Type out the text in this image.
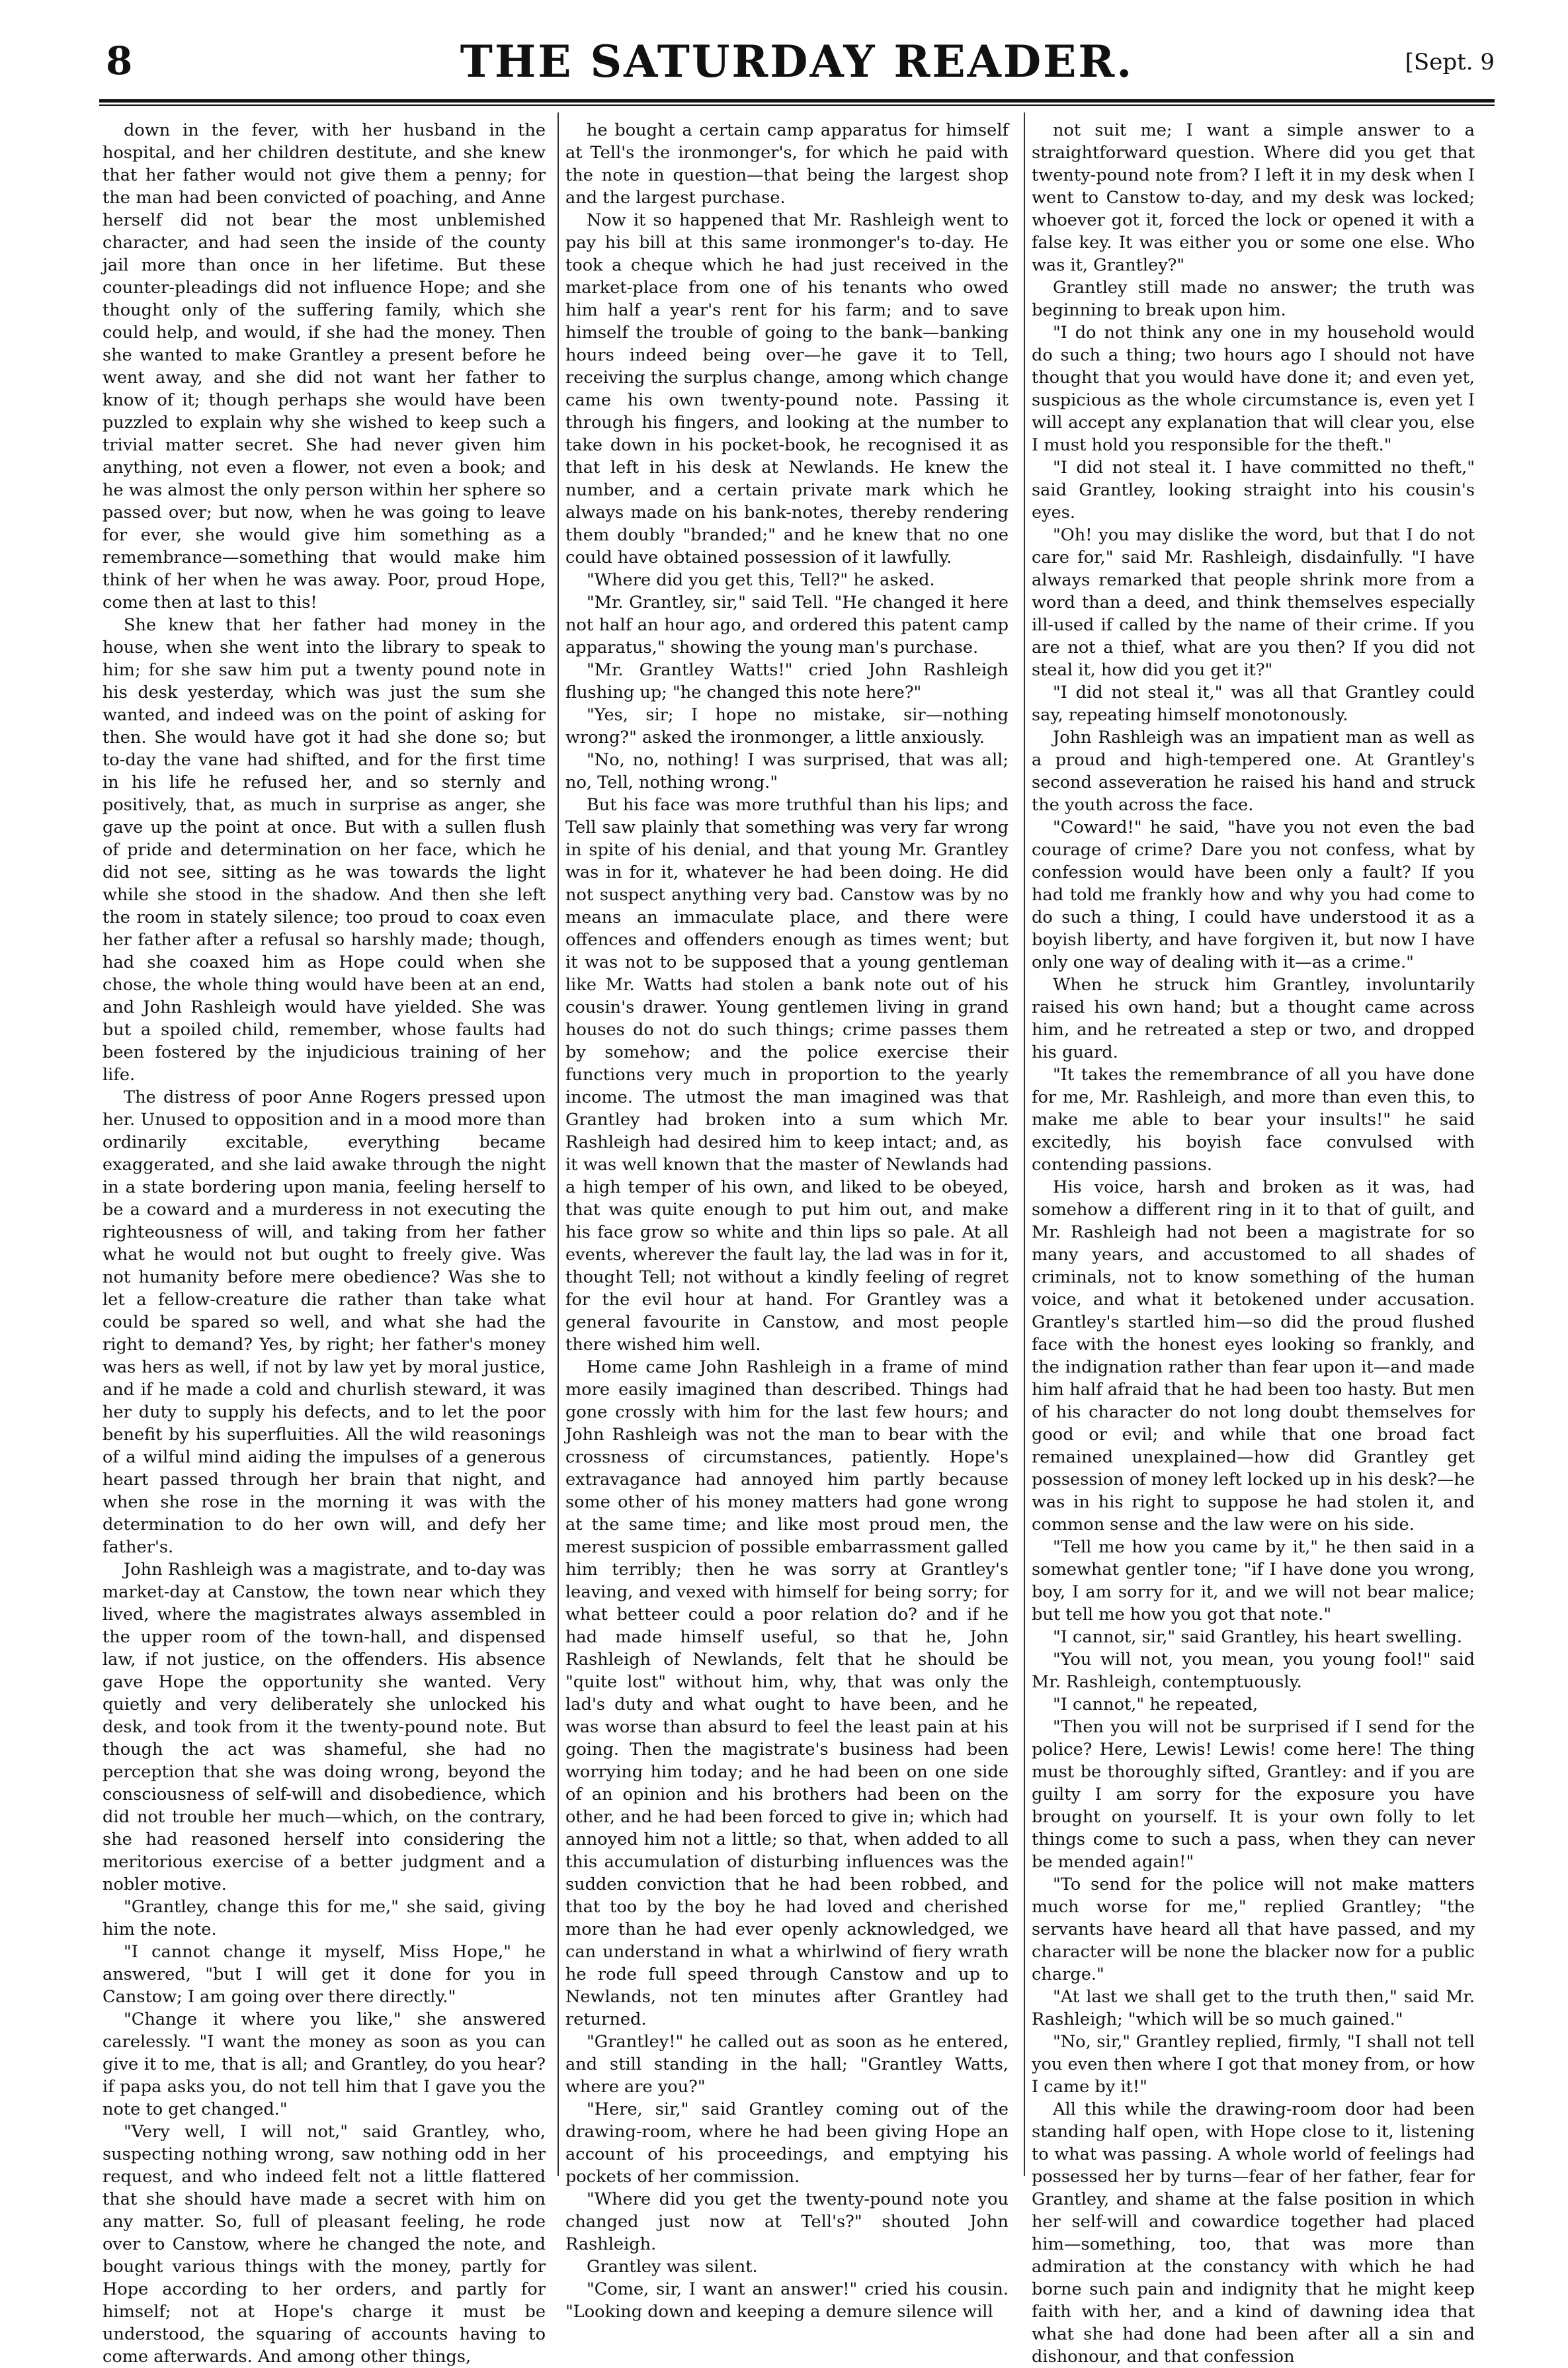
8	THE SATURDAY READER.	[Sept. 9

down in the fever, with her husband in the hospital, and her children destitute, and she knew that her father would not give them a penny; for the man had been convicted of poaching, and Anne herself did not bear the most unblemished character, and had seen the inside of the county jail more than once in her lifetime. But these counter-pleadings did not influence Hope; and she thought only of the suffering family, which she could help, and would, if she had the money. Then she wanted to make Grantley a present before he went away, and she did not want her father to know of it; though perhaps she would have been puzzled to explain why she wished to keep such a trivial matter secret. She had never given him anything, not even a flower, not even a book; and he was almost the only person within her sphere so passed over; but now, when he was going to leave for ever, she would give him something as a remembrance—something that would make him think of her when he was away. Poor, proud Hope, come then at last to this!

She knew that her father had money in the house, when she went into the library to speak to him; for she saw him put a twenty pound note in his desk yesterday, which was just the sum she wanted, and indeed was on the point of asking for then. She would have got it had she done so; but to-day the vane had shifted, and for the first time in his life he refused her, and so sternly and positively, that, as much in surprise as anger, she gave up the point at once. But with a sullen flush of pride and determination on her face, which he did not see, sitting as he was towards the light while she stood in the shadow. And then she left the room in stately silence; too proud to coax even her father after a refusal so harshly made; though, had she coaxed him as Hope could when she chose, the whole thing would have been at an end, and John Rashleigh would have yielded. She was but a spoiled child, remember, whose faults had been fostered by the injudicious training of her life.

The distress of poor Anne Rogers pressed upon her. Unused to opposition and in a mood more than ordinarily excitable, everything became exaggerated, and she laid awake through the night in a state bordering upon mania, feeling herself to be a coward and a murderess in not executing the righteousness of will, and taking from her father what he would not but ought to freely give. Was not humanity before mere obedience? Was she to let a fellow-creature die rather than take what could be spared so well, and what she had the right to demand? Yes, by right; her father's money was hers as well, if not by law yet by moral justice, and if he made a cold and churlish steward, it was her duty to supply his defects, and to let the poor benefit by his superfluities. All the wild reasonings of a wilful mind aiding the impulses of a generous heart passed through her brain that night, and when she rose in the morning it was with the determination to do her own will, and defy her father's.

John Rashleigh was a magistrate, and to-day was market-day at Canstow, the town near which they lived, where the magistrates always assembled in the upper room of the town-hall, and dispensed law, if not justice, on the offenders. His absence gave Hope the opportunity she wanted. Very quietly and very deliberately she unlocked his desk, and took from it the twenty-pound note. But though the act was shameful, she had no perception that she was doing wrong, beyond the consciousness of self-will and disobedience, which did not trouble her much—which, on the contrary, she had reasoned herself into considering the meritorious exercise of a better judgment and a nobler motive.

"Grantley, change this for me," she said, giving him the note.

"I cannot change it myself, Miss Hope," he answered, "but I will get it done for you in Canstow; I am going over there directly."

"Change it where you like," she answered carelessly. "I want the money as soon as you can give it to me, that is all; and Grantley, do you hear? if papa asks you, do not tell him that I gave you the note to get changed."

"Very well, I will not," said Grantley, who, suspecting nothing wrong, saw nothing odd in her request, and who indeed felt not a little flattered that she should have made a secret with him on any matter. So, full of pleasant feeling, he rode over to Canstow, where he changed the note, and bought various things with the money, partly for Hope according to her orders, and partly for himself; not at Hope's charge it must be understood, the squaring of accounts having to come afterwards. And among other things,

he bought a certain camp apparatus for himself at Tell's the ironmonger's, for which he paid with the note in question—that being the largest shop and the largest purchase.

Now it so happened that Mr. Rashleigh went to pay his bill at this same ironmonger's to-day. He took a cheque which he had just received in the market-place from one of his tenants who owed him half a year's rent for his farm; and to save himself the trouble of going to the bank—banking hours indeed being over—he gave it to Tell, receiving the surplus change, among which change came his own twenty-pound note. Passing it through his fingers, and looking at the number to take down in his pocket-book, he recognised it as that left in his desk at Newlands. He knew the number, and a certain private mark which he always made on his bank-notes, thereby rendering them doubly "branded;" and he knew that no one could have obtained possession of it lawfully.

"Where did you get this, Tell?" he asked.

"Mr. Grantley, sir," said Tell. "He changed it here not half an hour ago, and ordered this patent camp apparatus," showing the young man's purchase.

"Mr. Grantley Watts!" cried John Rashleigh flushing up; "he changed this note here?"

"Yes, sir; I hope no mistake, sir—nothing wrong?" asked the ironmonger, a little anxiously.

"No, no, nothing! I was surprised, that was all; no, Tell, nothing wrong."

But his face was more truthful than his lips; and Tell saw plainly that something was very far wrong in spite of his denial, and that young Mr. Grantley was in for it, whatever he had been doing. He did not suspect anything very bad. Canstow was by no means an immaculate place, and there were offences and offenders enough as times went; but it was not to be supposed that a young gentleman like Mr. Watts had stolen a bank note out of his cousin's drawer. Young gentlemen living in grand houses do not do such things; crime passes them by somehow; and the police exercise their functions very much in proportion to the yearly income. The utmost the man imagined was that Grantley had broken into a sum which Mr. Rashleigh had desired him to keep intact; and, as it was well known that the master of Newlands had a high temper of his own, and liked to be obeyed, that was quite enough to put him out, and make his face grow so white and thin lips so pale. At all events, wherever the fault lay, the lad was in for it, thought Tell; not without a kindly feeling of regret for the evil hour at hand. For Grantley was a general favourite in Canstow, and most people there wished him well.

Home came John Rashleigh in a frame of mind more easily imagined than described. Things had gone crossly with him for the last few hours; and John Rashleigh was not the man to bear with the crossness of circumstances, patiently. Hope's extravagance had annoyed him partly because some other of his money matters had gone wrong at the same time; and like most proud men, the merest suspicion of possible embarrassment galled him terribly; then he was sorry at Grantley's leaving, and vexed with himself for being sorry; for what betteer could a poor relation do? and if he had made himself useful, so that he, John Rashleigh of Newlands, felt that he should be "quite lost" without him, why, that was only the lad's duty and what ought to have been, and he was worse than absurd to feel the least pain at his going. Then the magistrate's business had been worrying him today; and he had been on one side of an opinion and his brothers had been on the other, and he had been forced to give in; which had annoyed him not a little; so that, when added to all this accumulation of disturbing influences was the sudden conviction that he had been robbed, and that too by the boy he had loved and cherished more than he had ever openly acknowledged, we can understand in what a whirlwind of fiery wrath he rode full speed through Canstow and up to Newlands, not ten minutes after Grantley had returned.

"Grantley!" he called out as soon as he entered, and still standing in the hall; "Grantley Watts, where are you?"

"Here, sir," said Grantley coming out of the drawing-room, where he had been giving Hope an account of his proceedings, and emptying his pockets of her commission.

"Where did you get the twenty-pound note you changed just now at Tell's?" shouted John Rashleigh.

Grantley was silent.

"Come, sir, I want an answer!" cried his cousin. "Looking down and keeping a demure silence will

not suit me; I want a simple answer to a straightforward question. Where did you get that twenty-pound note from? I left it in my desk when I went to Canstow to-day, and my desk was locked; whoever got it, forced the lock or opened it with a false key. It was either you or some one else. Who was it, Grantley?"

Grantley still made no answer; the truth was beginning to break upon him.

"I do not think any one in my household would do such a thing; two hours ago I should not have thought that you would have done it; and even yet, suspicious as the whole circumstance is, even yet I will accept any explanation that will clear you, else I must hold you responsible for the theft."

"I did not steal it. I have committed no theft," said Grantley, looking straight into his cousin's eyes.

"Oh! you may dislike the word, but that I do not care for," said Mr. Rashleigh, disdainfully. "I have always remarked that people shrink more from a word than a deed, and think themselves especially ill-used if called by the name of their crime. If you are not a thief, what are you then? If you did not steal it, how did you get it?"

"I did not steal it," was all that Grantley could say, repeating himself monotonously.

John Rashleigh was an impatient man as well as a proud and high-tempered one. At Grantley's second asseveration he raised his hand and struck the youth across the face.

"Coward!" he said, "have you not even the bad courage of crime? Dare you not confess, what by confession would have been only a fault? If you had told me frankly how and why you had come to do such a thing, I could have understood it as a boyish liberty, and have forgiven it, but now I have only one way of dealing with it—as a crime."

When he struck him Grantley, involuntarily raised his own hand; but a thought came across him, and he retreated a step or two, and dropped his guard.

"It takes the remembrance of all you have done for me, Mr. Rashleigh, and more than even this, to make me able to bear your insults!" he said excitedly, his boyish face convulsed with contending passions.

His voice, harsh and broken as it was, had somehow a different ring in it to that of guilt, and Mr. Rashleigh had not been a magistrate for so many years, and accustomed to all shades of criminals, not to know something of the human voice, and what it betokened under accusation. Grantley's startled him—so did the proud flushed face with the honest eyes looking so frankly, and the indignation rather than fear upon it—and made him half afraid that he had been too hasty. But men of his character do not long doubt themselves for good or evil; and while that one broad fact remained unexplained—how did Grantley get possession of money left locked up in his desk?—he was in his right to suppose he had stolen it, and common sense and the law were on his side.

"Tell me how you came by it," he then said in a somewhat gentler tone; "if I have done you wrong, boy, I am sorry for it, and we will not bear malice; but tell me how you got that note."

"I cannot, sir," said Grantley, his heart swelling.

"You will not, you mean, you young fool!" said Mr. Rashleigh, contemptuously.

"I cannot," he repeated,

"Then you will not be surprised if I send for the police? Here, Lewis! Lewis! come here! The thing must be thoroughly sifted, Grantley: and if you are guilty I am sorry for the exposure you have brought on yourself. It is your own folly to let things come to such a pass, when they can never be mended again!"

"To send for the police will not make matters much worse for me," replied Grantley; "the servants have heard all that have passed, and my character will be none the blacker now for a public charge."

"At last we shall get to the truth then," said Mr. Rashleigh; "which will be so much gained."

"No, sir," Grantley replied, firmly, "I shall not tell you even then where I got that money from, or how I came by it!"

All this while the drawing-room door had been standing half open, with Hope close to it, listening to what was passing. A whole world of feelings had possessed her by turns—fear of her father, fear for Grantley, and shame at the false position in which her self-will and cowardice together had placed him—something, too, that was more than admiration at the constancy with which he had borne such pain and indignity that he might keep faith with her, and a kind of dawning idea that what she had done had been after all a sin and dishonour, and that confession
